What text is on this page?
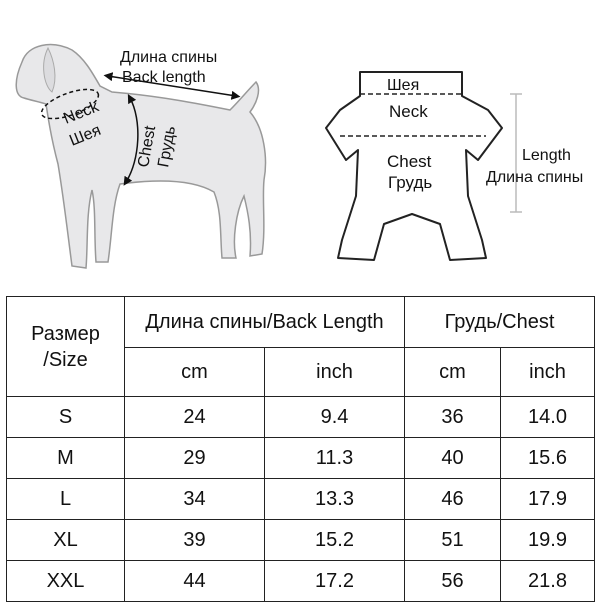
Длина спины
Back length
Neck
Шея Chest
Грудь
Шея
Neck
Chest
Грудь
Length
Длина спины
Размер /Size	Длина спины/Back Length		Грудь/Chest	
	cm	inch	cm	inch
S	24	9.4	36	14.0
M	29	11.3	40	15.6
L	34	13.3	46	17.9
XL	39	15.2	51	19.9
XXL	44	17.2	56	21.8
